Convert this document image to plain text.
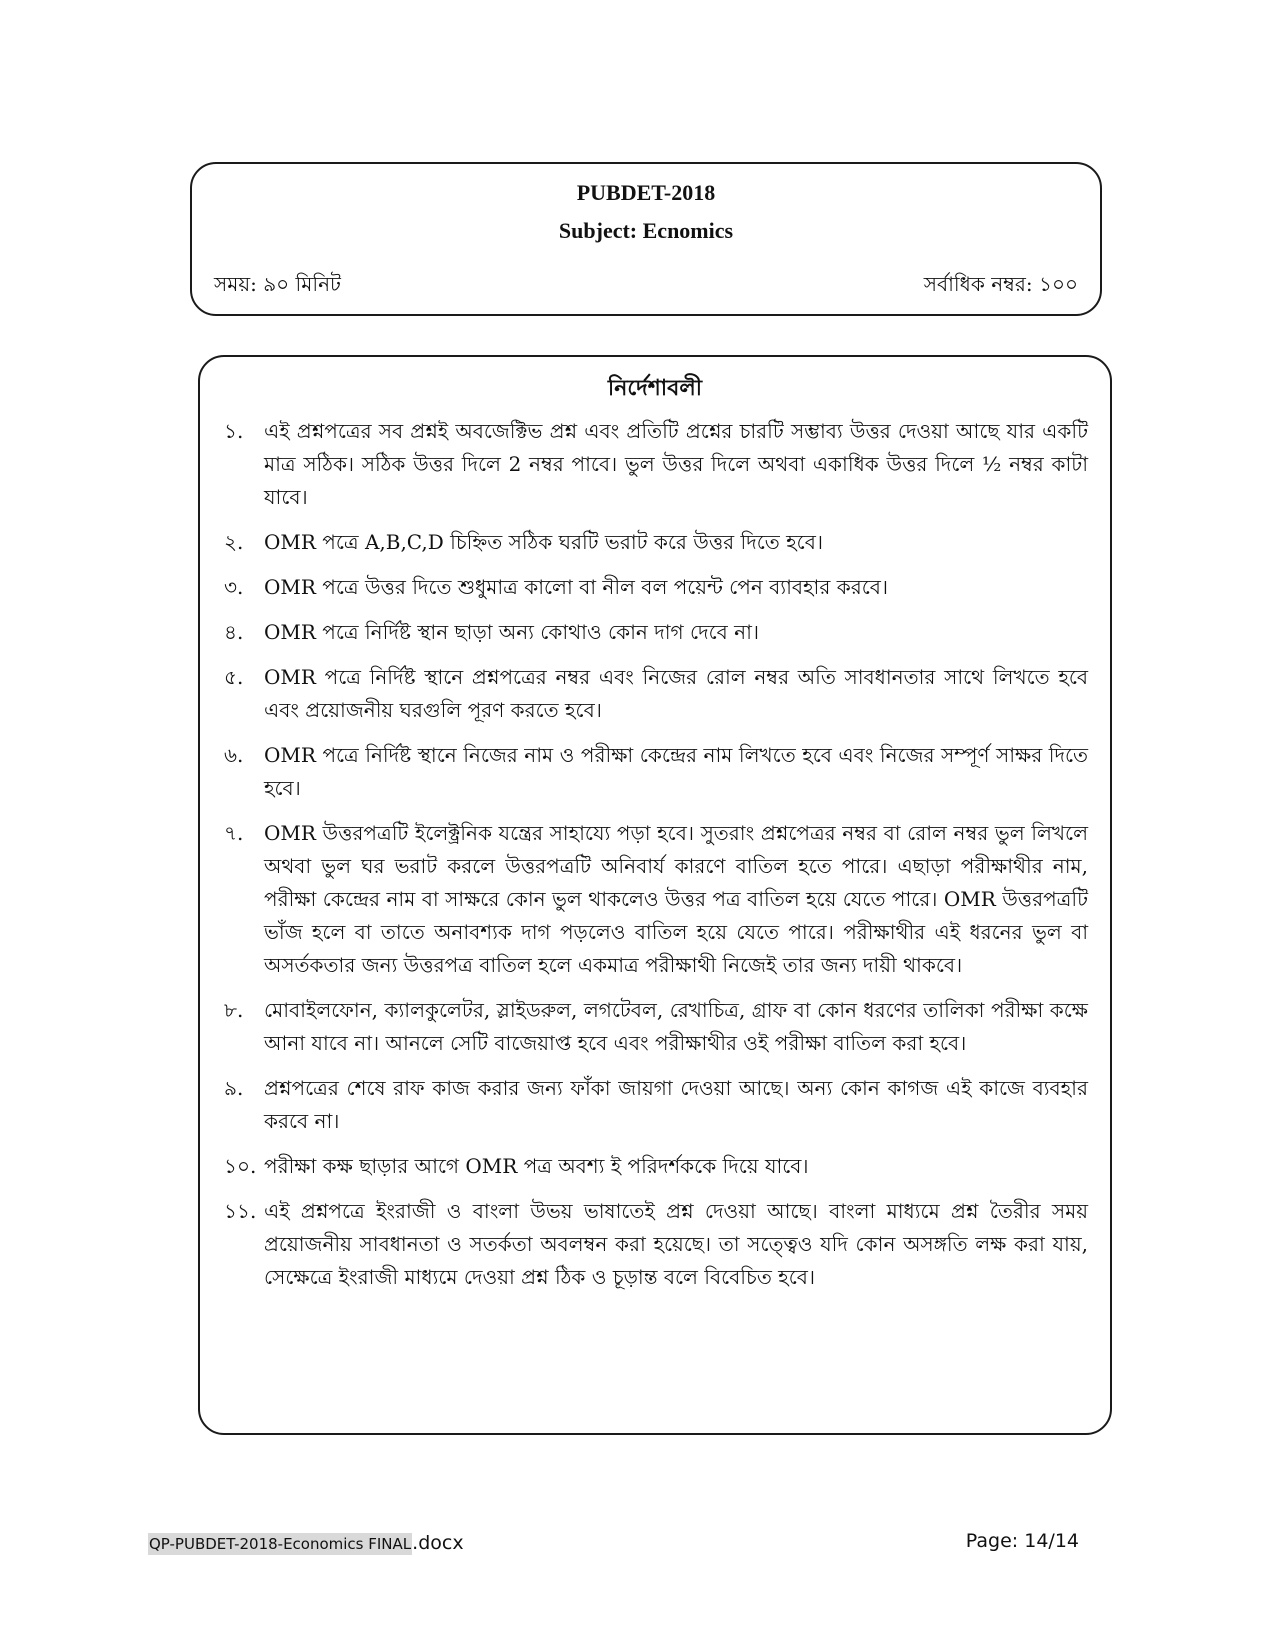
PUBDET-2018
Subject: Ecnomics
সময়: ৯০ মিনিট	সর্বাধিক নম্বর: ১০০
নির্দেশাবলী
১.	এই প্রশ্নপত্রের সব প্রশ্নই অবজেক্টিভ প্রশ্ন এবং প্রতিটি প্রশ্নের চারটি সম্ভাব্য উত্তর দেওয়া আছে যার একটি মাত্র সঠিক। সঠিক উত্তর দিলে 2 নম্বর পাবে। ভুল উত্তর দিলে অথবা একাধিক উত্তর দিলে ½ নম্বর কাটা যাবে।
২.	OMR পত্রে A,B,C,D চিহ্নিত সঠিক ঘরটি ভরাট করে উত্তর দিতে হবে।
৩.	OMR পত্রে উত্তর দিতে শুধুমাত্র কালো বা নীল বল পয়েন্ট পেন ব্যাবহার করবে।
৪.	OMR পত্রে নির্দিষ্ট স্থান ছাড়া অন্য কোথাও কোন দাগ দেবে না।
৫.	OMR পত্রে নির্দিষ্ট স্থানে প্রশ্নপত্রের নম্বর এবং নিজের রোল নম্বর অতি সাবধানতার সাথে লিখতে হবে এবং প্রয়োজনীয় ঘরগুলি পূরণ করতে হবে।
৬.	OMR পত্রে নির্দিষ্ট স্থানে নিজের নাম ও পরীক্ষা কেন্দ্রের নাম লিখতে হবে এবং নিজের সম্পূর্ণ সাক্ষর দিতে হবে।
৭.	OMR উত্তরপত্রটি ইলেক্ট্রনিক যন্ত্রের সাহায্যে পড়া হবে। সুতরাং প্রশ্নপেত্রর নম্বর বা রোল নম্বর ভুল লিখলে অথবা ভুল ঘর ভরাট করলে উত্তরপত্রটি অনিবার্য কারণে বাতিল হতে পারে। এছাড়া পরীক্ষাথীর নাম, পরীক্ষা কেন্দ্রের নাম বা সাক্ষরে কোন ভুল থাকলেও উত্তর পত্র বাতিল হয়ে যেতে পারে। OMR উত্তরপত্রটি ভাঁজ হলে বা তাতে অনাবশ্যক দাগ পড়লেও বাতিল হয়ে যেতে পারে। পরীক্ষাথীর এই ধরনের ভুল বা অসর্তকতার জন্য উত্তরপত্র বাতিল হলে একমাত্র পরীক্ষাথী নিজেই তার জন্য দায়ী থাকবে।
৮.	মোবাইলফোন, ক্যালকুলেটর, স্লাইডরুল, লগটেবল, রেখাচিত্র, গ্রাফ বা কোন ধরণের তালিকা পরীক্ষা কক্ষে আনা যাবে না। আনলে সেটি বাজেয়াপ্ত হবে এবং পরীক্ষাথীর ওই পরীক্ষা বাতিল করা হবে।
৯.	প্রশ্নপত্রের শেষে রাফ কাজ করার জন্য ফাঁকা জায়গা দেওয়া আছে। অন্য কোন কাগজ এই কাজে ব্যবহার করবে না।
১০. পরীক্ষা কক্ষ ছাড়ার আগে OMR পত্র অবশ্য ই পরিদর্শককে দিয়ে যাবে।
১১. এই প্রশ্নপত্রে ইংরাজী ও বাংলা উভয় ভাষাতেই প্রশ্ন দেওয়া আছে। বাংলা মাধ্যমে প্রশ্ন তৈরীর সময় প্রয়োজনীয় সাবধানতা ও সতর্কতা অবলম্বন করা হয়েছে। তা সত্ত্বেও যদি কোন অসঙ্গতি লক্ষ করা যায়, সেক্ষেত্রে ইংরাজী মাধ্যমে দেওয়া প্রশ্ন ঠিক ও চূড়ান্ত বলে বিবেচিত হবে।
QP-PUBDET-2018-Economics FINAL.docx	Page: 14/14
